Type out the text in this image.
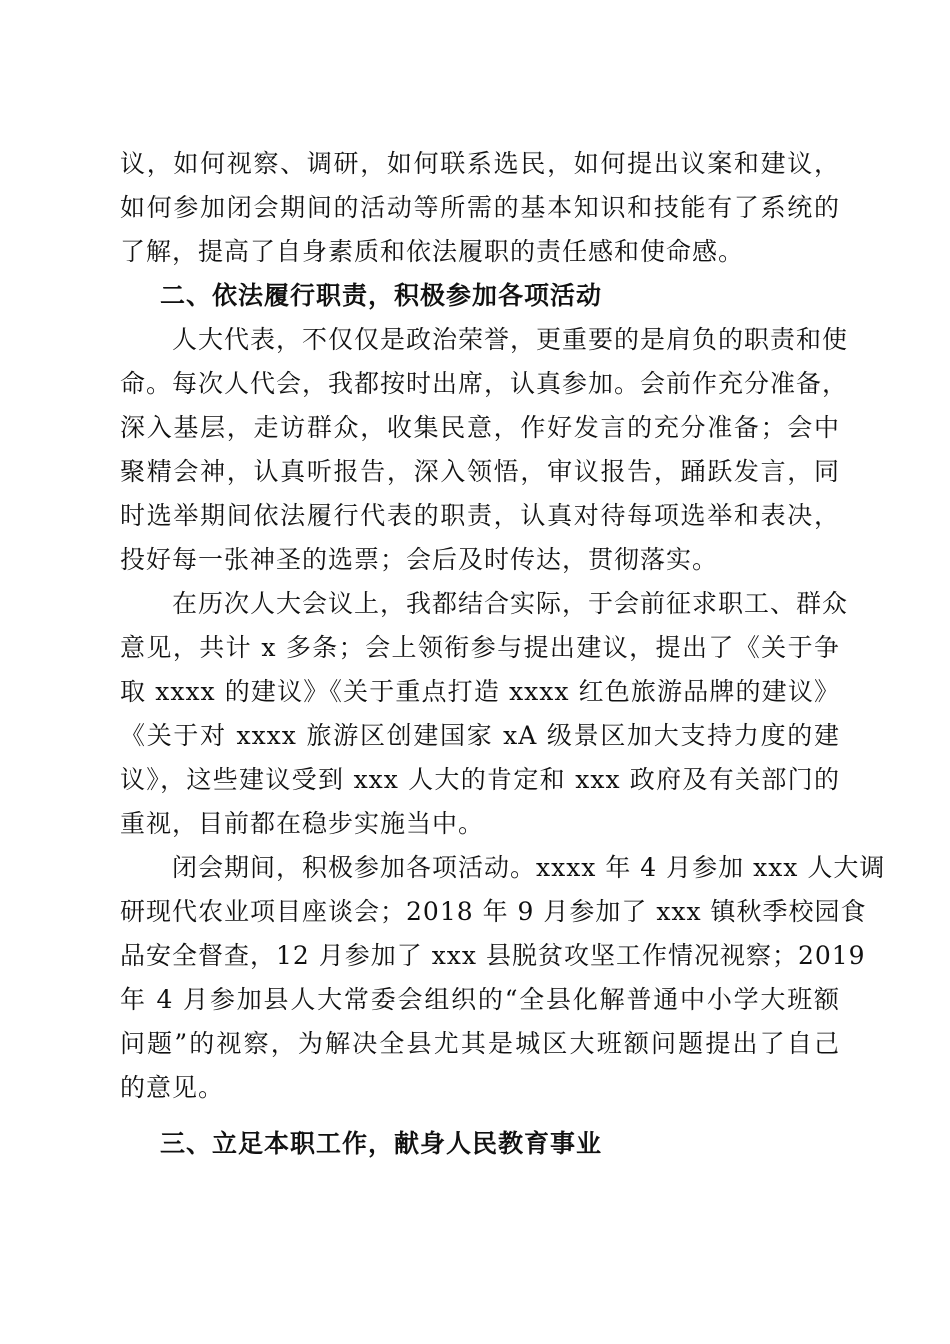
议，如何视察、调研，如何联系选民，如何提出议案和建议，
如何参加闭会期间的活动等所需的基本知识和技能有了系统的
了解，提高了自身素质和依法履职的责任感和使命感。
二、依法履行职责，积极参加各项活动
　　人大代表，不仅仅是政治荣誉，更重要的是肩负的职责和使
命。每次人代会，我都按时出席，认真参加。会前作充分准备，
深入基层，走访群众，收集民意，作好发言的充分准备；会中
聚精会神，认真听报告，深入领悟，审议报告，踊跃发言，同
时选举期间依法履行代表的职责，认真对待每项选举和表决，
投好每一张神圣的选票；会后及时传达，贯彻落实。
　　在历次人大会议上，我都结合实际，于会前征求职工、群众
意见，共计 x 多条；会上领衔参与提出建议，提出了《关于争
取 xxxx 的建议》《关于重点打造 xxxx 红色旅游品牌的建议》
《关于对 xxxx 旅游区创建国家 xA 级景区加大支持力度的建
议》，这些建议受到 xxx 人大的肯定和 xxx 政府及有关部门的
重视，目前都在稳步实施当中。
　　闭会期间，积极参加各项活动。xxxx 年 4 月参加 xxx 人大调
研现代农业项目座谈会；2018 年 9 月参加了 xxx 镇秋季校园食
品安全督查，12 月参加了 xxx 县脱贫攻坚工作情况视察；2019
年 4 月参加县人大常委会组织的“全县化解普通中小学大班额
问题”的视察，为解决全县尤其是城区大班额问题提出了自己
的意见。
三、立足本职工作，献身人民教育事业
